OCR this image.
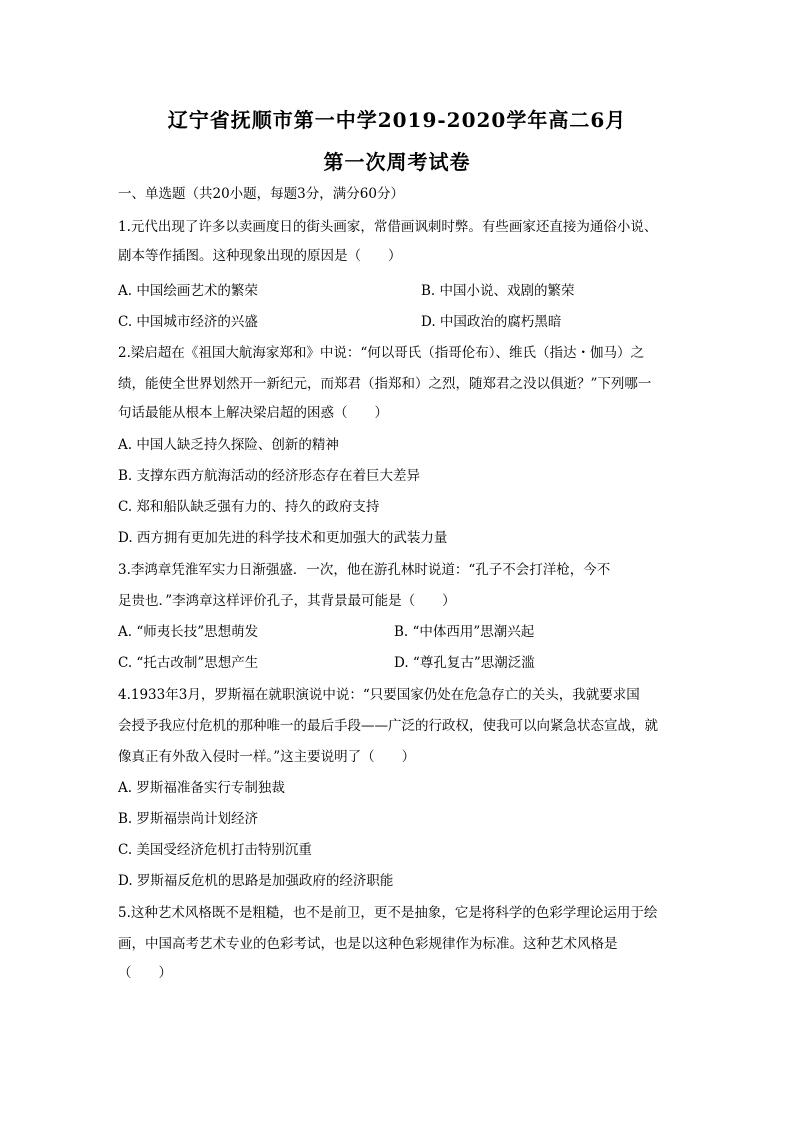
辽宁省抚顺市第一中学2019-2020学年高二6月
第一次周考试卷
一、单选题（共20小题，每题3分，满分60分）
1.元代出现了许多以卖画度日的街头画家，常借画讽刺时弊。有些画家还直接为通俗小说、
剧本等作插图。这种现象出现的原因是（　　）
A. 中国绘画艺术的繁荣	B. 中国小说、戏剧的繁荣
C. 中国城市经济的兴盛	D. 中国政治的腐朽黑暗
2.梁启超在《祖国大航海家郑和》中说：“何以哥氏（指哥伦布）、维氏（指达・伽马）之
绩，能使全世界划然开一新纪元，而郑君（指郑和）之烈，随郑君之没以俱逝？”下列哪一
句话最能从根本上解决梁启超的困惑（　　）
A. 中国人缺乏持久探险、创新的精神
B. 支撑东西方航海活动的经济形态存在着巨大差异
C. 郑和船队缺乏强有力的、持久的政府支持
D. 西方拥有更加先进的科学技术和更加强大的武装力量
3.李鸿章凭淮军实力日渐强盛．一次，他在游孔林时说道：“孔子不会打洋枪，今不
足贵也．”李鸿章这样评价孔子，其背景最可能是（　　）
A. “师夷长技”思想萌发	B. “中体西用”思潮兴起
C. “托古改制”思想产生	D. “尊孔复古”思潮泛滥
4.1933年3月，罗斯福在就职演说中说：“只要国家仍处在危急存亡的关头，我就要求国
会授予我应付危机的那种唯一的最后手段——广泛的行政权，使我可以向紧急状态宣战，就
像真正有外敌入侵时一样。”这主要说明了（　　）
A. 罗斯福准备实行专制独裁
B. 罗斯福崇尚计划经济
C. 美国受经济危机打击特别沉重
D. 罗斯福反危机的思路是加强政府的经济职能
5.这种艺术风格既不是粗糙，也不是前卫，更不是抽象，它是将科学的色彩学理论运用于绘
画，中国高考艺术专业的色彩考试，也是以这种色彩规律作为标准。这种艺术风格是
（　　）
